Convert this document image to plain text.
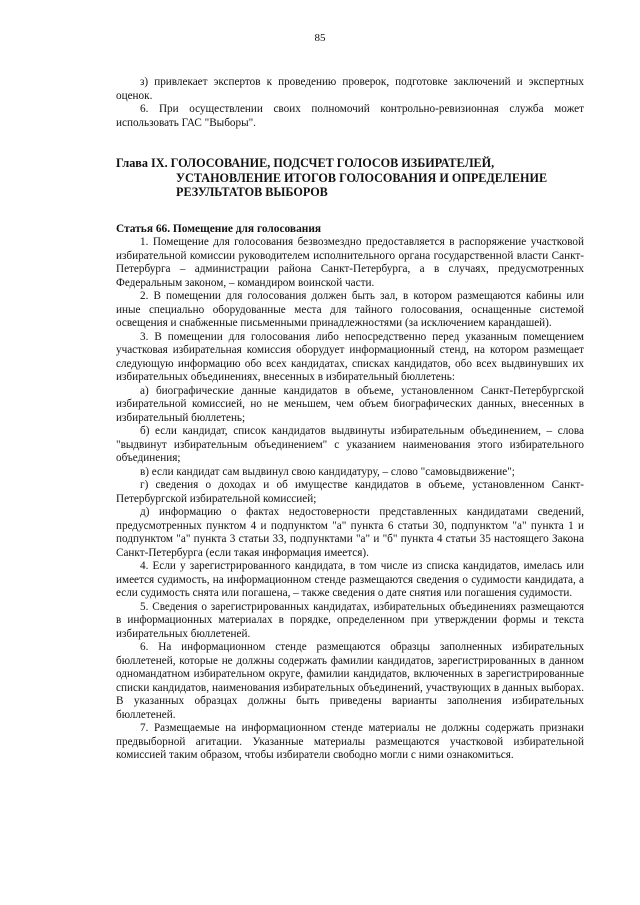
85

з) привлекает экспертов к проведению проверок, подготовке заключений и экспертных оценок.

6. При осуществлении своих полномочий контрольно-ревизионная служба может использовать ГАС "Выборы".

Глава IX. ГОЛОСОВАНИЕ, ПОДСЧЕТ ГОЛОСОВ ИЗБИРАТЕЛЕЙ, УСТАНОВЛЕНИЕ ИТОГОВ ГОЛОСОВАНИЯ И ОПРЕДЕЛЕНИЕ РЕЗУЛЬТАТОВ ВЫБОРОВ

Статья 66. Помещение для голосования

1. Помещение для голосования безвозмездно предоставляется в распоряжение участковой избирательной комиссии руководителем исполнительного органа государственной власти Санкт-Петербурга – администрации района Санкт-Петербурга, а в случаях, предусмотренных Федеральным законом, – командиром воинской части.

2. В помещении для голосования должен быть зал, в котором размещаются кабины или иные специально оборудованные места для тайного голосования, оснащенные системой освещения и снабженные письменными принадлежностями (за исключением карандашей).

3. В помещении для голосования либо непосредственно перед указанным помещением участковая избирательная комиссия оборудует информационный стенд, на котором размещает следующую информацию обо всех кандидатах, списках кандидатов, обо всех выдвинувших их избирательных объединениях, внесенных в избирательный бюллетень:

а) биографические данные кандидатов в объеме, установленном Санкт-Петербургской избирательной комиссией, но не меньшем, чем объем биографических данных, внесенных в избирательный бюллетень;

б) если кандидат, список кандидатов выдвинуты избирательным объединением, – слова "выдвинут избирательным объединением" с указанием наименования этого избирательного объединения;

в) если кандидат сам выдвинул свою кандидатуру, – слово "самовыдвижение";

г) сведения о доходах и об имуществе кандидатов в объеме, установленном Санкт-Петербургской избирательной комиссией;

д) информацию о фактах недостоверности представленных кандидатами сведений, предусмотренных пунктом 4 и подпунктом "а" пункта 6 статьи 30, подпунктом "а" пункта 1 и подпунктом "а" пункта 3 статьи 33, подпунктами "а" и "б" пункта 4 статьи 35 настоящего Закона Санкт-Петербурга (если такая информация имеется).

4. Если у зарегистрированного кандидата, в том числе из списка кандидатов, имелась или имеется судимость, на информационном стенде размещаются сведения о судимости кандидата, а если судимость снята или погашена, – также сведения о дате снятия или погашения судимости.

5. Сведения о зарегистрированных кандидатах, избирательных объединениях размещаются в информационных материалах в порядке, определенном при утверждении формы и текста избирательных бюллетеней.

6. На информационном стенде размещаются образцы заполненных избирательных бюллетеней, которые не должны содержать фамилии кандидатов, зарегистрированных в данном одномандатном избирательном округе, фамилии кандидатов, включенных в зарегистрированные списки кандидатов, наименования избирательных объединений, участвующих в данных выборах. В указанных образцах должны быть приведены варианты заполнения избирательных бюллетеней.

7. Размещаемые на информационном стенде материалы не должны содержать признаки предвыборной агитации. Указанные материалы размещаются участковой избирательной комиссией таким образом, чтобы избиратели свободно могли с ними ознакомиться.
